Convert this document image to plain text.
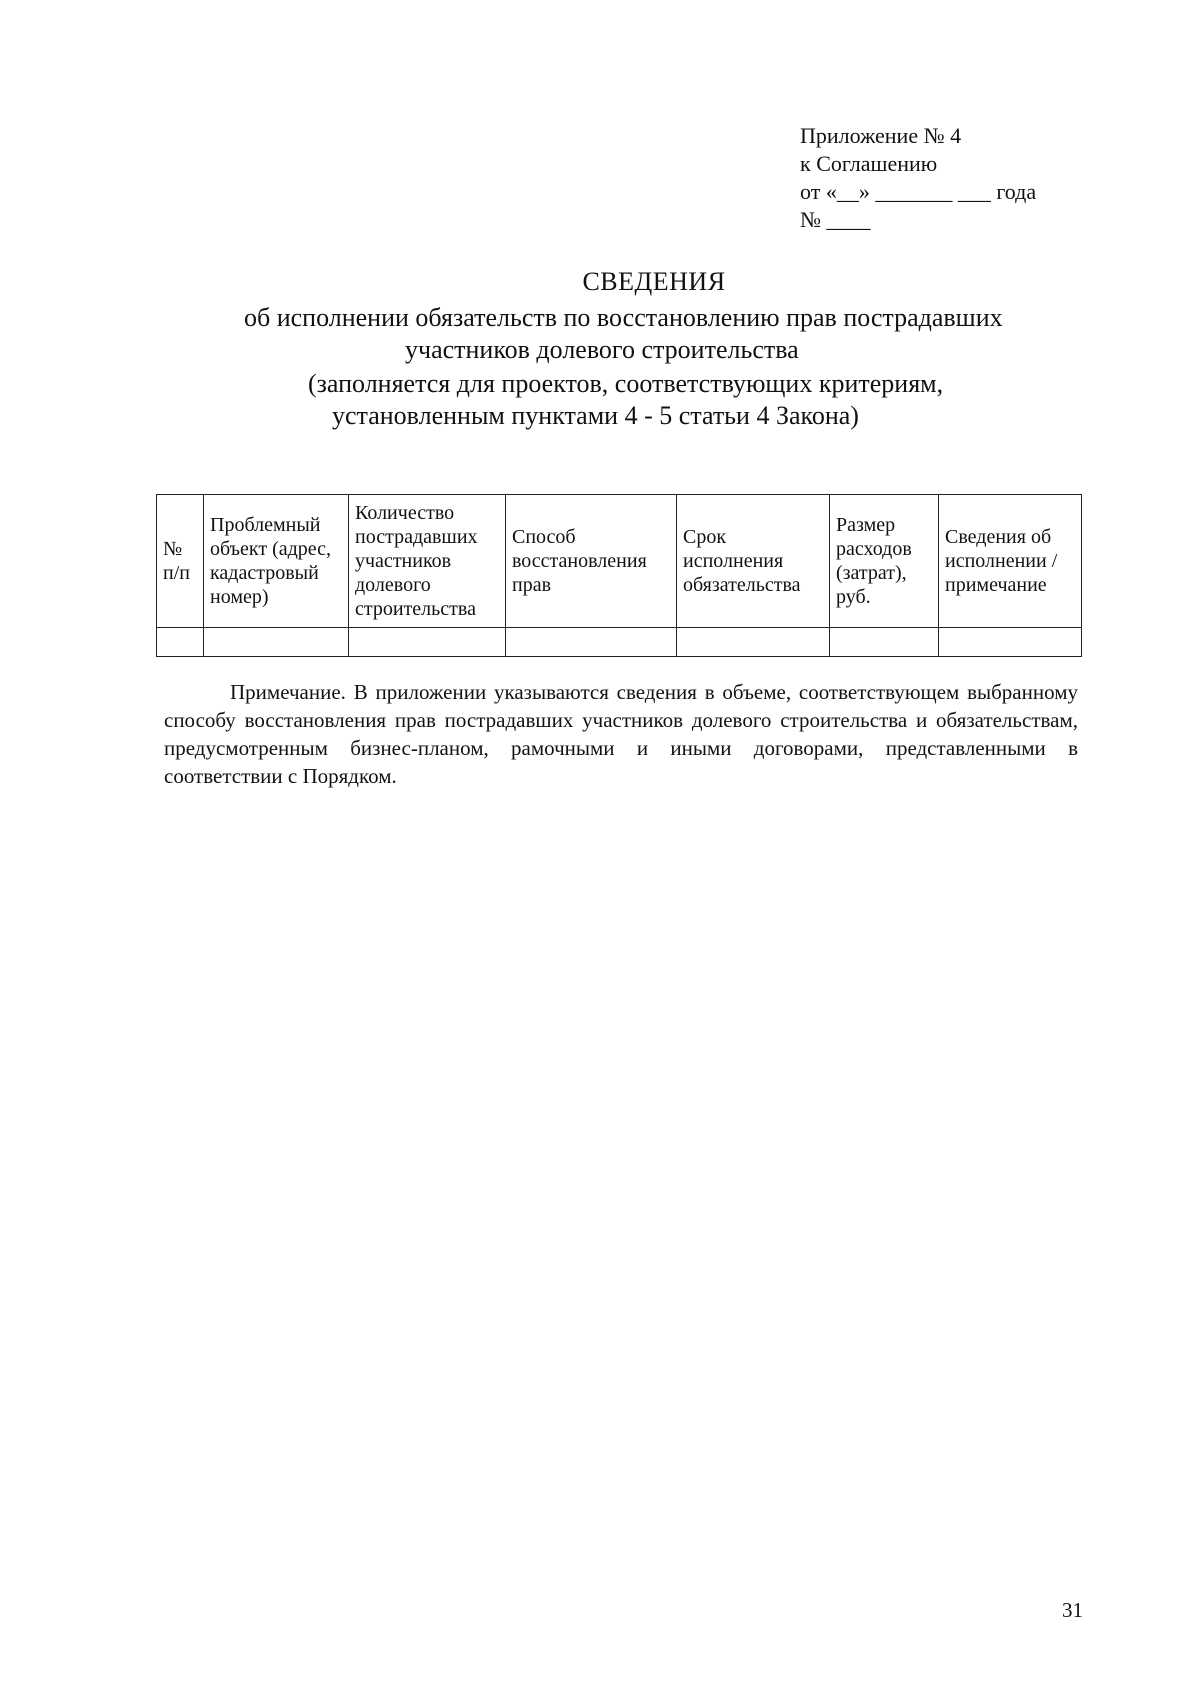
Приложение № 4
к Соглашению
от «__» _______ ___ года
№ ____
СВЕДЕНИЯ
об исполнении обязательств по восстановлению прав пострадавших
участников долевого строительства
(заполняется для проектов, соответствующих критериям,
установленным пунктами 4 - 5 статьи 4 Закона)
№ п/п	Проблемный объект (адрес, кадастровый номер)	Количество пострадавших участников долевого строительства	Способ восстановления прав	Срок исполнения обязательства	Размер расходов (затрат), руб.	Сведения об исполнении / примечание

Примечание. В приложении указываются сведения в объеме, соответствующем выбранному способу восстановления прав пострадавших участников долевого строительства и обязательствам, предусмотренным бизнес-планом, рамочными и иными договорами, представленными в соответствии с Порядком.
31
